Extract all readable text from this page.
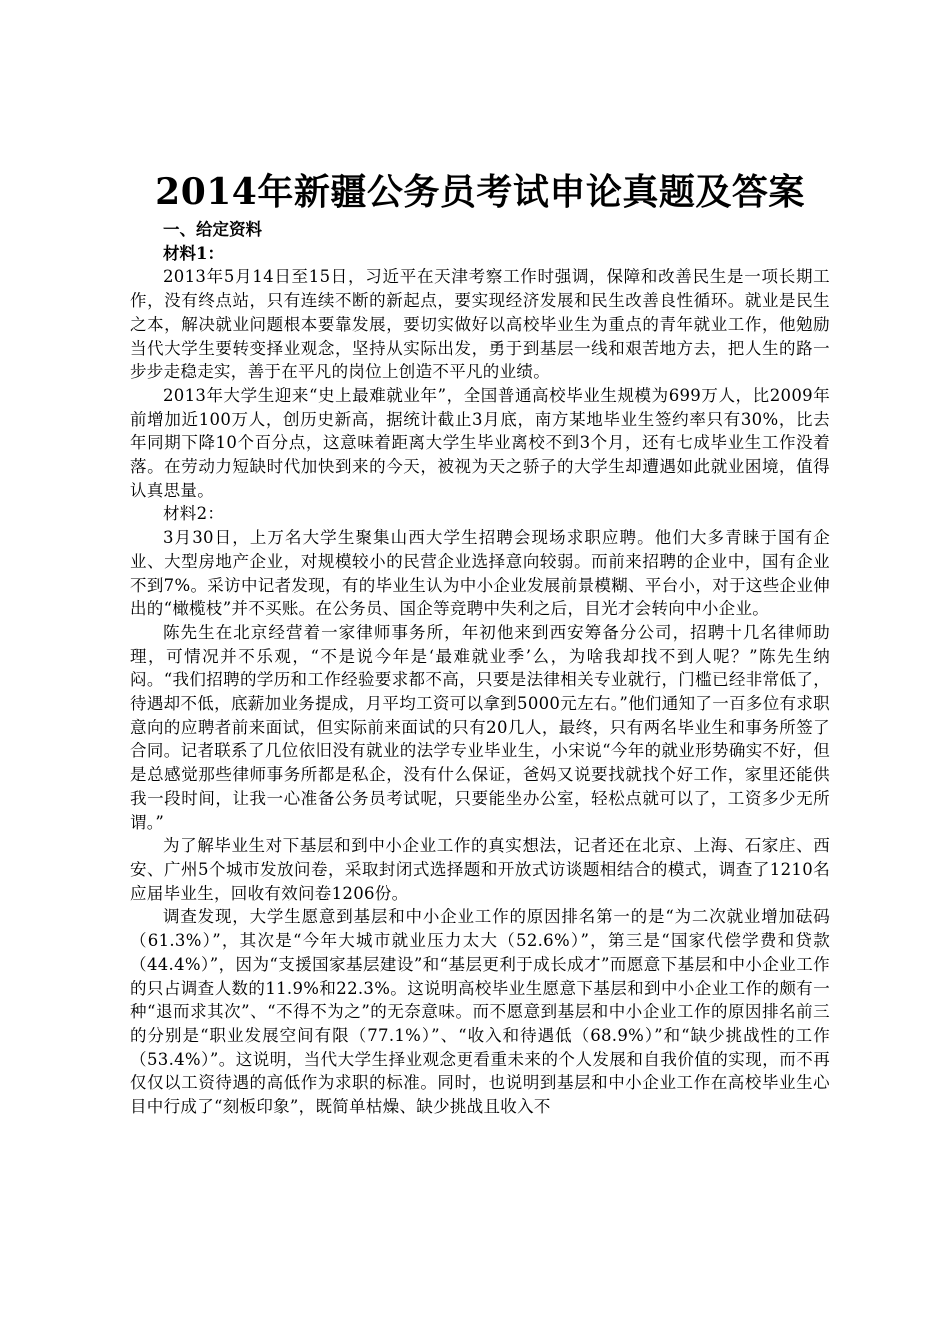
2014年新疆公务员考试申论真题及答案

一、给定资料

材料1：

2013年5月14日至15日，习近平在天津考察工作时强调，保障和改善民生是一项长期工作，没有终点站，只有连续不断的新起点，要实现经济发展和民生改善良性循环。就业是民生之本，解决就业问题根本要靠发展，要切实做好以高校毕业生为重点的青年就业工作，他勉励当代大学生要转变择业观念，坚持从实际出发，勇于到基层一线和艰苦地方去，把人生的路一步步走稳走实，善于在平凡的岗位上创造不平凡的业绩。

2013年大学生迎来“史上最难就业年”，全国普通高校毕业生规模为699万人，比2009年前增加近100万人，创历史新高，据统计截止3月底，南方某地毕业生签约率只有30%，比去年同期下降10个百分点，这意味着距离大学生毕业离校不到3个月，还有七成毕业生工作没着落。在劳动力短缺时代加快到来的今天，被视为天之骄子的大学生却遭遇如此就业困境，值得认真思量。

材料2：

3月30日，上万名大学生聚集山西大学生招聘会现场求职应聘。他们大多青睐于国有企业、大型房地产企业，对规模较小的民营企业选择意向较弱。而前来招聘的企业中，国有企业不到7%。采访中记者发现，有的毕业生认为中小企业发展前景模糊、平台小，对于这些企业伸出的“橄榄枝”并不买账。在公务员、国企等竞聘中失利之后，目光才会转向中小企业。

陈先生在北京经营着一家律师事务所，年初他来到西安筹备分公司，招聘十几名律师助理，可情况并不乐观，“不是说今年是‘最难就业季’么，为啥我却找不到人呢？”陈先生纳闷。“我们招聘的学历和工作经验要求都不高，只要是法律相关专业就行，门槛已经非常低了，待遇却不低，底薪加业务提成，月平均工资可以拿到5000元左右。”他们通知了一百多位有求职意向的应聘者前来面试，但实际前来面试的只有20几人，最终，只有两名毕业生和事务所签了合同。记者联系了几位依旧没有就业的法学专业毕业生，小宋说“今年的就业形势确实不好，但是总感觉那些律师事务所都是私企，没有什么保证，爸妈又说要找就找个好工作，家里还能供我一段时间，让我一心准备公务员考试呢，只要能坐办公室，轻松点就可以了，工资多少无所谓。”

为了解毕业生对下基层和到中小企业工作的真实想法，记者还在北京、上海、石家庄、西安、广州5个城市发放问卷，采取封闭式选择题和开放式访谈题相结合的模式，调查了1210名应届毕业生，回收有效问卷1206份。

调查发现，大学生愿意到基层和中小企业工作的原因排名第一的是“为二次就业增加砝码（61.3%）”，其次是“今年大城市就业压力太大（52.6%）”，第三是“国家代偿学费和贷款（44.4%）”，因为“支援国家基层建设”和“基层更利于成长成才”而愿意下基层和中小企业工作的只占调查人数的11.9%和22.3%。这说明高校毕业生愿意下基层和到中小企业工作的颇有一种“退而求其次”、“不得不为之”的无奈意味。而不愿意到基层和中小企业工作的原因排名前三的分别是“职业发展空间有限（77.1%）”、“收入和待遇低（68.9%）”和“缺少挑战性的工作（53.4%）”。这说明，当代大学生择业观念更看重未来的个人发展和自我价值的实现，而不再仅仅以工资待遇的高低作为求职的标准。同时，也说明到基层和中小企业工作在高校毕业生心目中行成了“刻板印象”，既简单枯燥、缺少挑战且收入不
